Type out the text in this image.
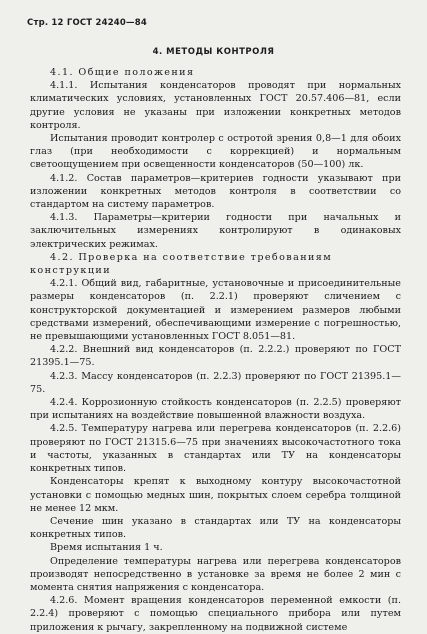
Стр. 12 ГОСТ 24240—84
4. МЕТОДЫ КОНТРОЛЯ

4.1. Общие положения

4.1.1. Испытания конденсаторов проводят при нормальных климатических условиях, установленных ГОСТ 20.57.406—81, если другие условия не указаны при изложении конкретных методов контроля.

Испытания проводит контролер с остротой зрения 0,8—1 для обоих глаз (при необходимости с коррекцией) и нормальным светоощущением при освещенности конденсаторов (50—100) лк.

4.1.2. Состав параметров—критериев годности указывают при изложении конкретных методов контроля в соответствии со стандартом на систему параметров.

4.1.3. Параметры—критерии годности при начальных и заключительных измерениях контролируют в одинаковых электрических режимах.

4.2. Проверка на соответствие требованиям конструкции

4.2.1. Общий вид, габаритные, установочные и присоединительные размеры конденсаторов (п. 2.2.1) проверяют сличением с конструкторской документацией и измерением размеров любыми средствами измерений, обеспечивающими измерение с погрешностью, не превышающими установленных ГОСТ 8.051—81.

4.2.2. Внешний вид конденсаторов (п. 2.2.2.) проверяют по ГОСТ 21395.1—75.

4.2.3. Массу конденсаторов (п. 2.2.3) проверяют по ГОСТ 21395.1—75.

4.2.4. Коррозионную стойкость конденсаторов (п. 2.2.5) проверяют при испытаниях на воздействие повышенной влажности воздуха.

4.2.5. Температуру нагрева или перегрева конденсаторов (п. 2.2.6) проверяют по ГОСТ 21315.6—75 при значениях высокочастотного тока и частоты, указанных в стандартах или ТУ на конденсаторы конкретных типов.

Конденсаторы крепят к выходному контуру высокочастотной установки с помощью медных шин, покрытых слоем серебра толщиной не менее 12 мкм.

Сечение шин указано в стандартах или ТУ на конденсаторы конкретных типов.

Время испытания 1 ч.

Определение температуры нагрева или перегрева конденсаторов производят непосредственно в установке за время не более 2 мин с момента снятия напряжения с конденсатора.

4.2.6. Момент вращения конденсаторов переменной емкости (п. 2.2.4) проверяют с помощью специального прибора или путем приложения к рычагу, закрепленному на подвижной системе
